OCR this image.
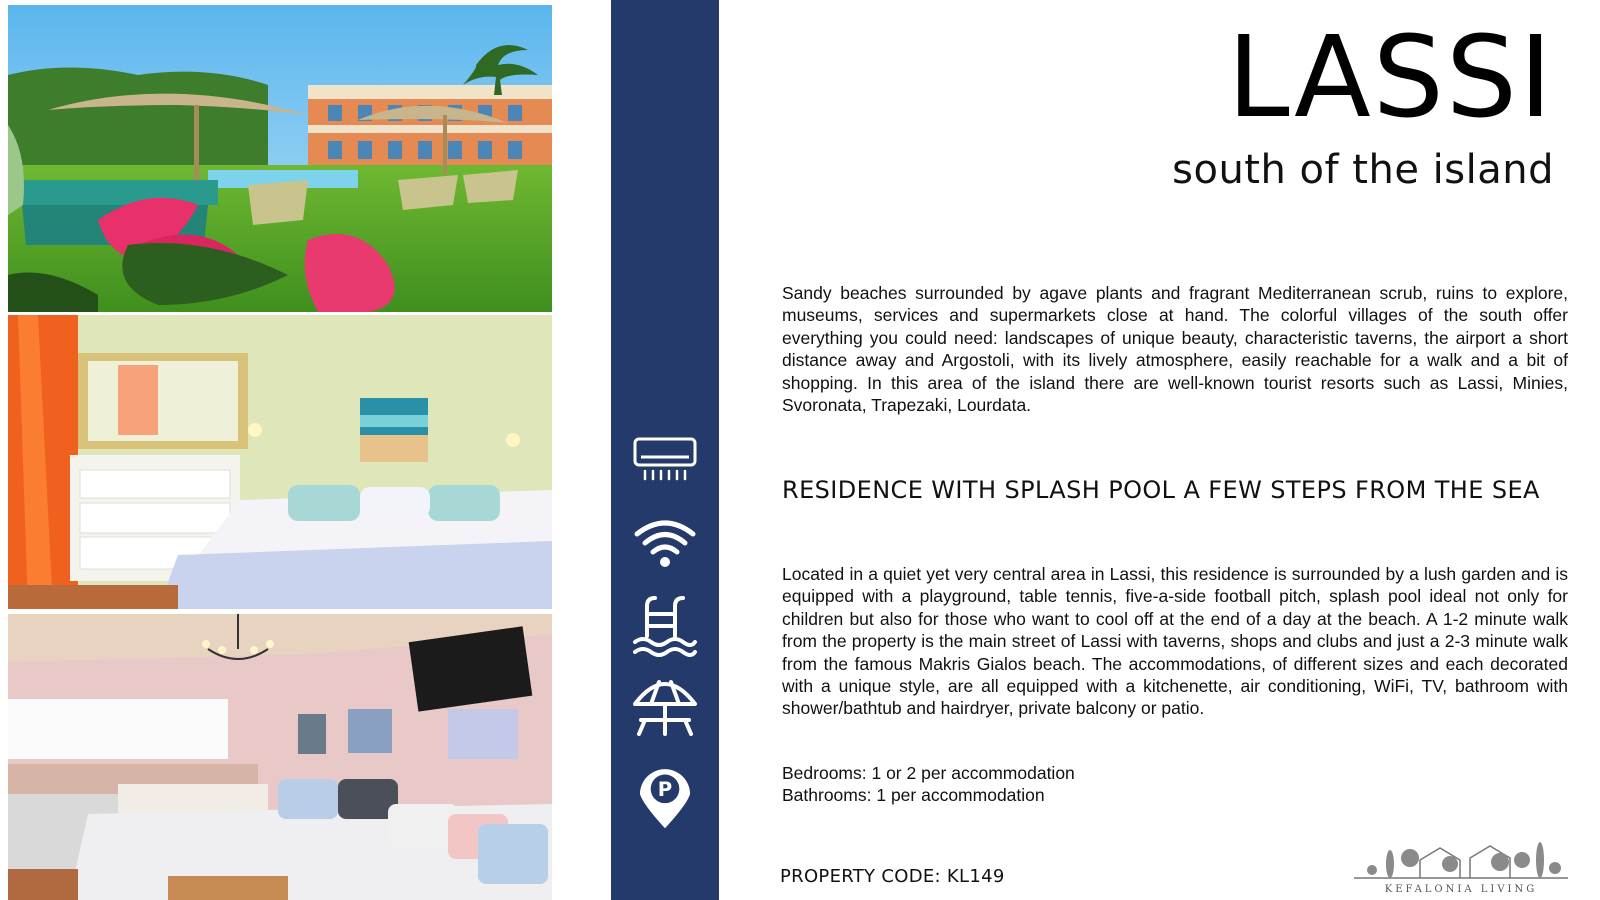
P
LASSI
south of the island
Sandy beaches surrounded by agave plants and fragrant Mediterranean scrub, ruins to explore, museums, services and supermarkets close at hand. The colorful villages of the south offer everything you could need: landscapes of unique beauty, characteristic taverns, the airport a short distance away and Argostoli, with its lively atmosphere, easily reachable for a walk and a bit of shopping. In this area of the island there are well-known tourist resorts such as Lassi, Minies, Svoronata, Trapezaki, Lourdata.
RESIDENCE WITH SPLASH POOL A FEW STEPS FROM THE SEA
Located in a quiet yet very central area in Lassi, this residence is surrounded by a lush garden and is equipped with a playground, table tennis, five-a-side football pitch, splash pool ideal not only for children but also for those who want to cool off at the end of a day at the beach. A 1-2 minute walk from the property is the main street of Lassi with taverns, shops and clubs and just a 2-3 minute walk from the famous Makris Gialos beach. The accommodations, of different sizes and each decorated with a unique style, are all equipped with a kitchenette, air conditioning, WiFi, TV, bathroom with shower/bathtub and hairdryer, private balcony or patio.
Bedrooms: 1 or 2 per accommodation
Bathrooms: 1 per accommodation
PROPERTY CODE: KL149
KEFALONIA LIVING
